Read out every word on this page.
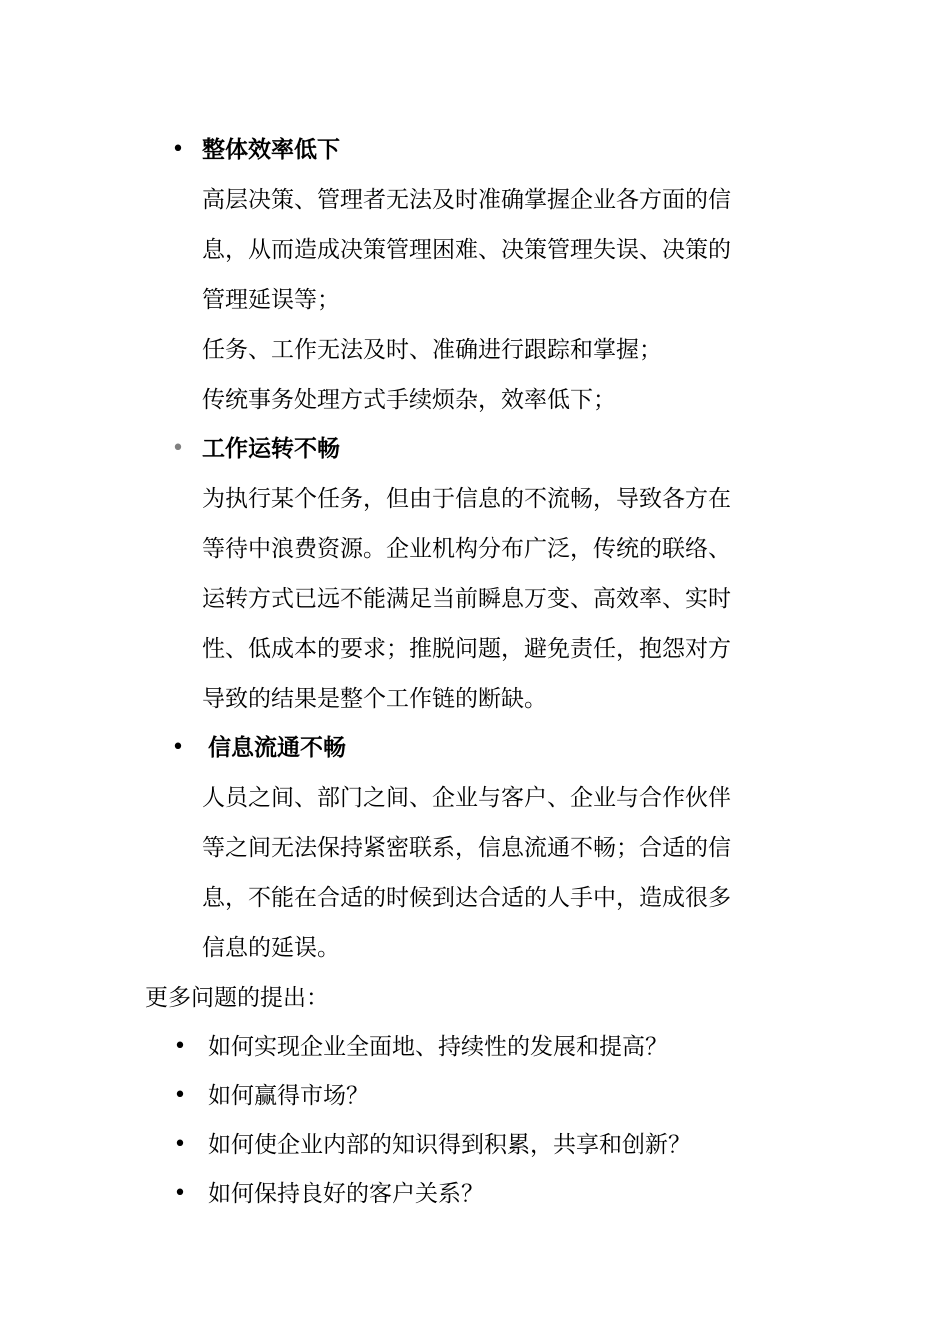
• 整体效率低下
高层决策、管理者无法及时准确掌握企业各方面的信
息，从而造成决策管理困难、决策管理失误、决策的
管理延误等；
任务、工作无法及时、准确进行跟踪和掌握；
传统事务处理方式手续烦杂，效率低下；
• 工作运转不畅
为执行某个任务，但由于信息的不流畅，导致各方在
等待中浪费资源。企业机构分布广泛，传统的联络、
运转方式已远不能满足当前瞬息万变、高效率、实时
性、低成本的要求；推脱问题，避免责任，抱怨对方
导致的结果是整个工作链的断缺。
• 信息流通不畅
人员之间、部门之间、企业与客户、企业与合作伙伴
等之间无法保持紧密联系，信息流通不畅；合适的信
息，不能在合适的时候到达合适的人手中，造成很多
信息的延误。
更多问题的提出：
• 如何实现企业全面地、持续性的发展和提高？
• 如何赢得市场？
• 如何使企业内部的知识得到积累，共享和创新？
• 如何保持良好的客户关系？
